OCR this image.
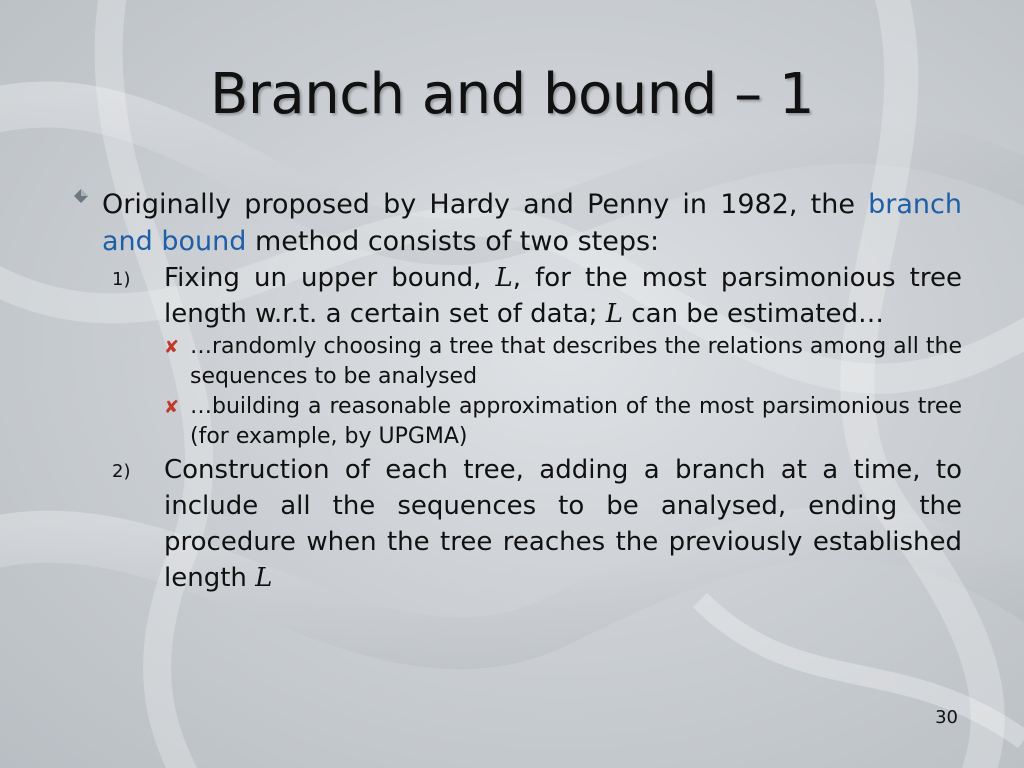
Branch and bound – 1
Originally proposed by Hardy and Penny in 1982, the branch and bound method consists of two steps:
1) Fixing un upper bound, L, for the most parsimonious tree length w.r.t. a certain set of data; L can be estimated…
✘ …randomly choosing a tree that describes the relations among all the sequences to be analysed
✘ …building a reasonable approximation of the most parsimonious tree (for example, by UPGMA)
2) Construction of each tree, adding a branch at a time, to include all the sequences to be analysed, ending the procedure when the tree reaches the previously established length L
30
